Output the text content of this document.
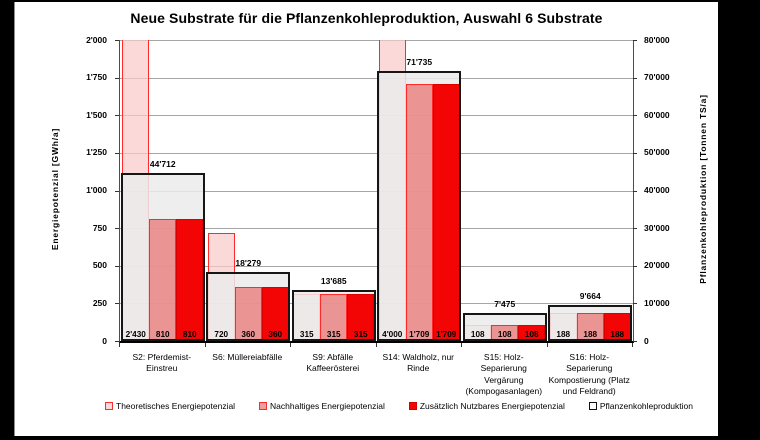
Neue Substrate für die Pflanzenkohleproduktion, Auswahl 6 Substrate
Energiepotenzial [GWh/a]	Pflanzenkohleproduktion [Tonnen TS/a]
44'712
2'430	810	810
18'279
720	360	360
13'685
315	315	315
71'735
4'000 1'709 1'709
7'475
108	108	108
9'664
188	188	188
S2: Pferdemist-
Einstreu
S6: Müllereiabfälle	S9: Abfälle
Kaffeerösterei
S14: Waldholz, nur
Rinde
S15: Holz-Separierung
Vergärung
(Kompogasanlagen)
S16: Holz-Separierung
Kompostierung (Platz
und Feldrand)
Theoretisches Energiepotenzial	Nachhaltiges Energiepotenzial	Zusätzlich Nutzbares Energiepotenzial	Pflanzenkohleproduktion
2'000
1'750
1'500
1'250
1'000
750
500
250
0
80'000
70'000
60'000
50'000
40'000
30'000
20'000
10'000
0
